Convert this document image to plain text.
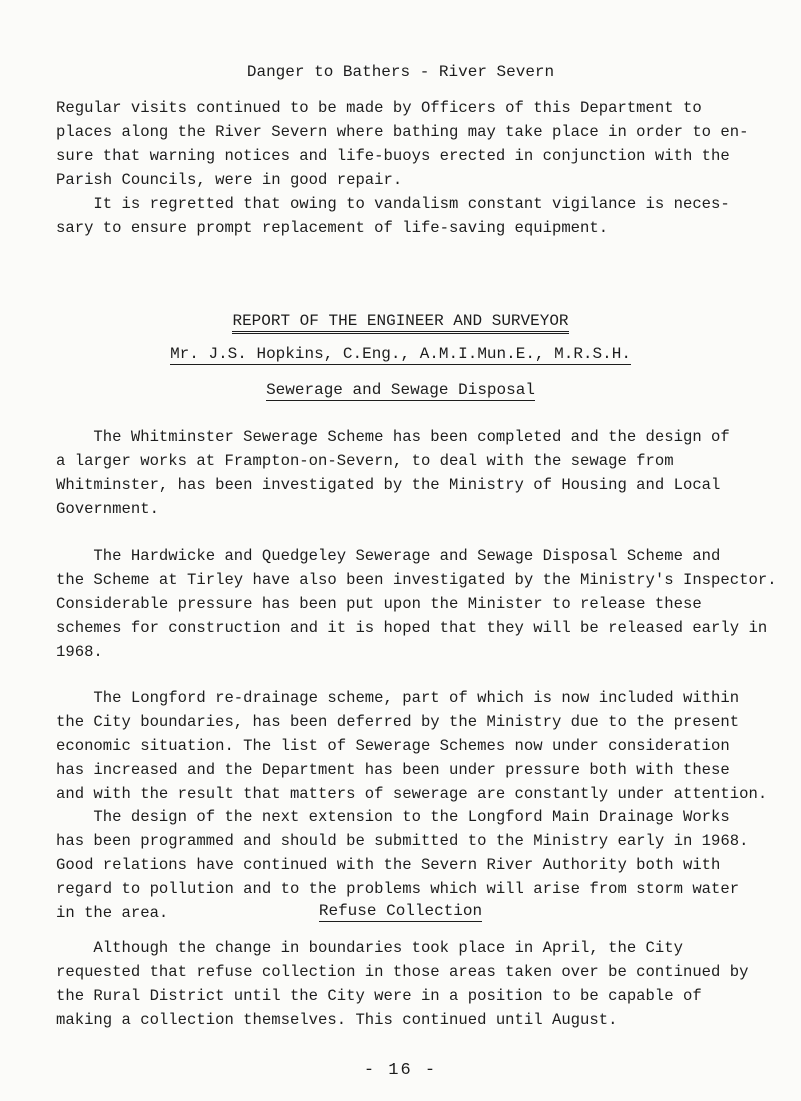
Danger to Bathers - River Severn

Regular visits continued to be made by Officers of this Department to
places along the River Severn where bathing may take place in order to en-
sure that warning notices and life-buoys erected in conjunction with the
Parish Councils, were in good repair.

It is regretted that owing to vandalism constant vigilance is neces-
sary to ensure prompt replacement of life-saving equipment.

REPORT OF THE ENGINEER AND SURVEYOR
Mr. J.S. Hopkins, C.Eng., A.M.I.Mun.E., M.R.S.H.
Sewerage and Sewage Disposal

The Whitminster Sewerage Scheme has been completed and the design of
a larger works at Frampton-on-Severn, to deal with the sewage from
Whitminster, has been investigated by the Ministry of Housing and Local
Government.

The Hardwicke and Quedgeley Sewerage and Sewage Disposal Scheme and
the Scheme at Tirley have also been investigated by the Ministry's Inspector.
Considerable pressure has been put upon the Minister to release these
schemes for construction and it is hoped that they will be released early in
1968.

The Longford re-drainage scheme, part of which is now included within
the City boundaries, has been deferred by the Ministry due to the present
economic situation. The list of Sewerage Schemes now under consideration
has increased and the Department has been under pressure both with these
and with the result that matters of sewerage are constantly under attention.

The design of the next extension to the Longford Main Drainage Works
has been programmed and should be submitted to the Ministry early in 1968.
Good relations have continued with the Severn River Authority both with
regard to pollution and to the problems which will arise from storm water
in the area.	Refuse Collection

Although the change in boundaries took place in April, the City
requested that refuse collection in those areas taken over be continued by
the Rural District until the City were in a position to be capable of
making a collection themselves. This continued until August.

- 16 -
